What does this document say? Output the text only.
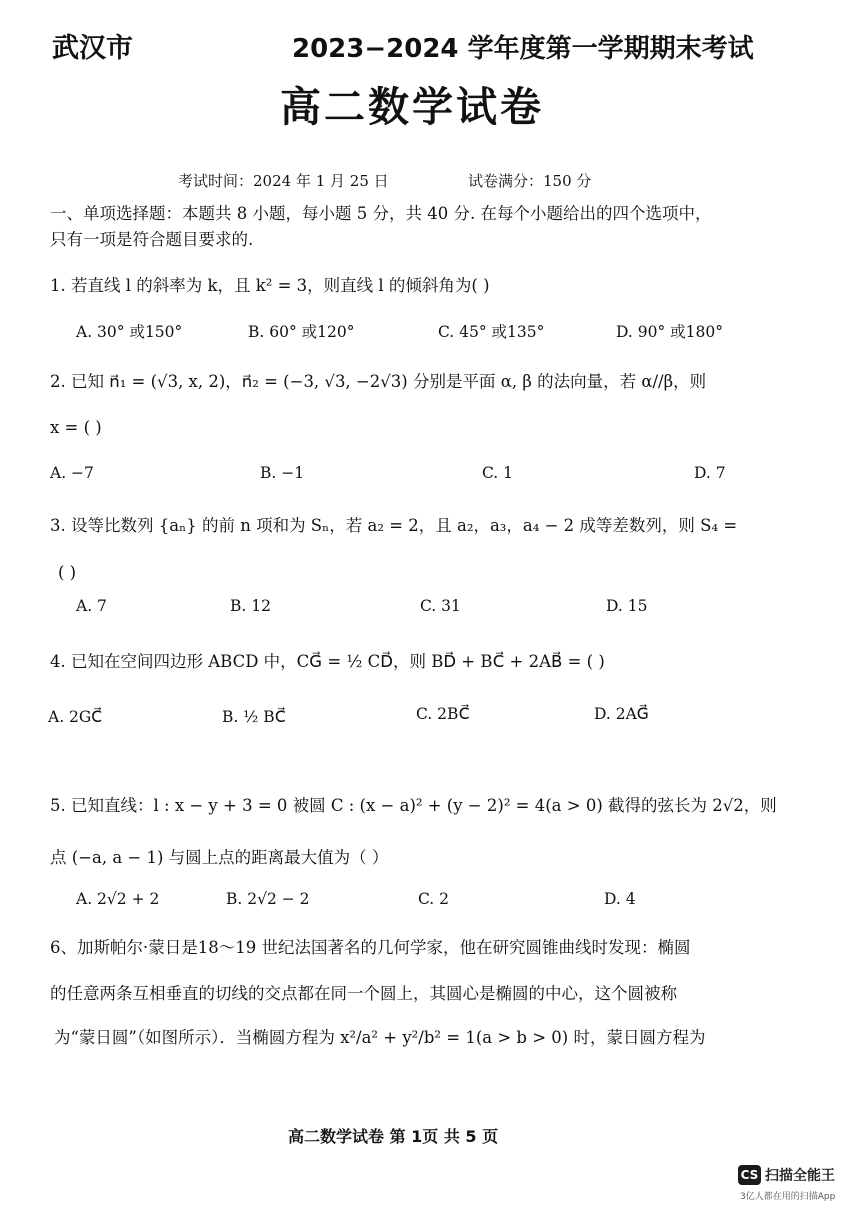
武汉市	2023−2024 学年度第一学期期末考试
高二数学试卷
考试时间：2024 年 1 月 25 日	试卷满分：150 分
一、单项选择题：本题共 8 小题，每小题 5 分，共 40 分. 在每个小题给出的四个选项中，
只有一项是符合题目要求的.
1. 若直线 l 的斜率为 k，且 k² = 3，则直线 l 的倾斜角为( )
A. 30° 或150°	B. 60° 或120°	C. 45° 或135°	D. 90° 或180°
2. 已知 n⃗₁ = (√3, x, 2)，n⃗₂ = (−3, √3, −2√3) 分别是平面 α, β 的法向量，若 α//β，则
x = ( )
A. −7	B. −1	C. 1	D. 7
3. 设等比数列 {aₙ} 的前 n 项和为 Sₙ，若 a₂ = 2，且 a₂，a₃，a₄ − 2 成等差数列，则 S₄ =
( )
A. 7	B. 12	C. 31	D. 15
4. 已知在空间四边形 ABCD 中，CG⃗ = ½ CD⃗，则 BD⃗ + BC⃗ + 2AB⃗ = ( )
A. 2GC⃗	B. ½ BC⃗	C. 2BC⃗	D. 2AG⃗
5. 已知直线：l : x − y + 3 = 0 被圆 C : (x − a)² + (y − 2)² = 4(a > 0) 截得的弦长为 2√2，则
点 (−a, a − 1) 与圆上点的距离最大值为（ ）
A. 2√2 + 2	B. 2√2 − 2	C. 2	D. 4
6、加斯帕尔·蒙日是18～19 世纪法国著名的几何学家，他在研究圆锥曲线时发现：椭圆
的任意两条互相垂直的切线的交点都在同一个圆上，其圆心是椭圆的中心，这个圆被称
为“蒙日圆”（如图所示）．当椭圆方程为 x²/a² + y²/b² = 1(a > b > 0) 时，蒙日圆方程为
高二数学试卷 第 1页 共 5 页
CS 扫描全能王
3亿人都在用的扫描App
